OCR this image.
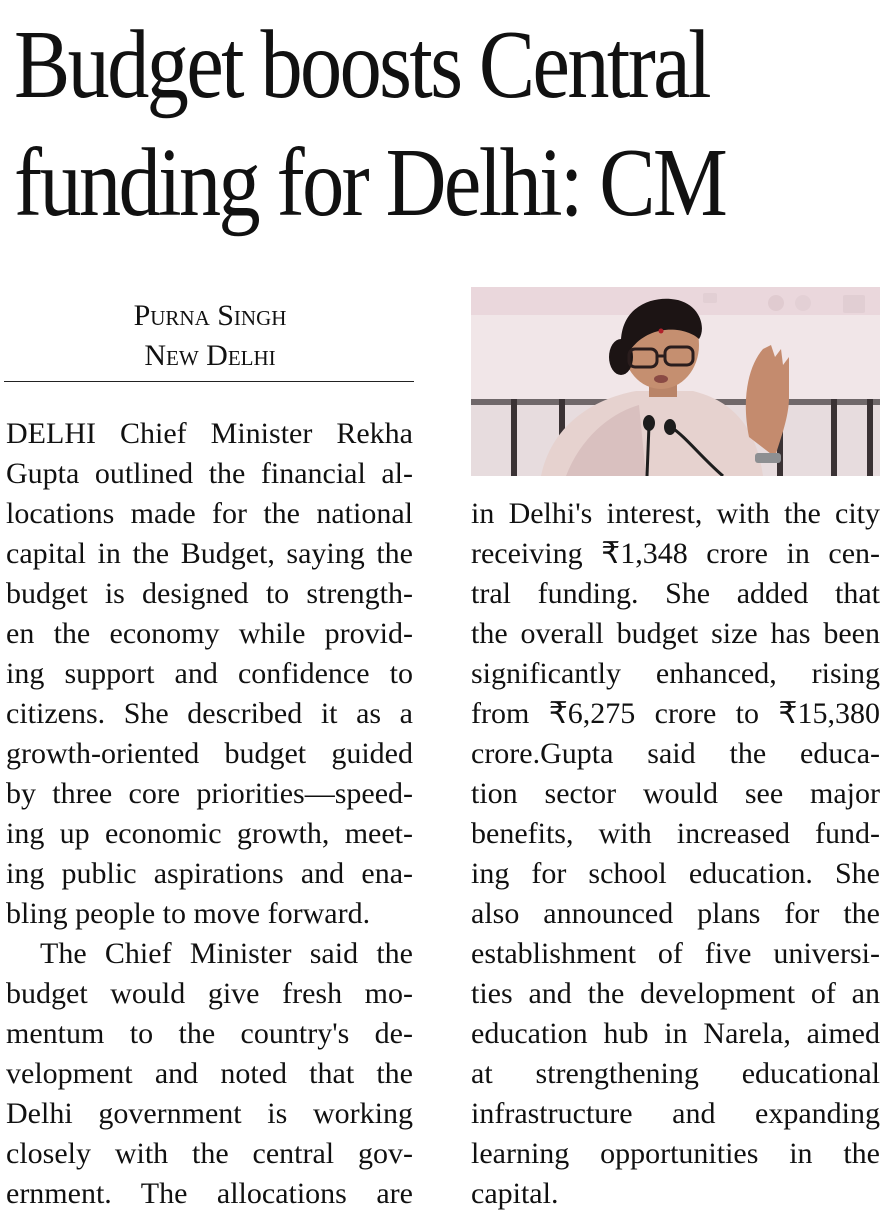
Budget boosts Central
funding for Delhi: CM
Purna Singh
New Delhi
DELHI Chief Minister Rekha
Gupta outlined the financial al-
locations made for the national
capital in the Budget, saying the
budget is designed to strength-
en the economy while provid-
ing support and confidence to
citizens. She described it as a
growth-oriented budget guided
by three core priorities—speed-
ing up economic growth, meet-
ing public aspirations and ena-
bling people to move forward.
The Chief Minister said the
budget would give fresh mo-
mentum to the country's de-
velopment and noted that the
Delhi government is working
closely with the central gov-
ernment. The allocations are
in Delhi's interest, with the city
receiving ₹1,348 crore in cen-
tral funding. She added that
the overall budget size has been
significantly enhanced, rising
from ₹6,275 crore to ₹15,380
crore.Gupta said the educa-
tion sector would see major
benefits, with increased fund-
ing for school education. She
also announced plans for the
establishment of five universi-
ties and the development of an
education hub in Narela, aimed
at strengthening educational
infrastructure and expanding
learning opportunities in the
capital.
